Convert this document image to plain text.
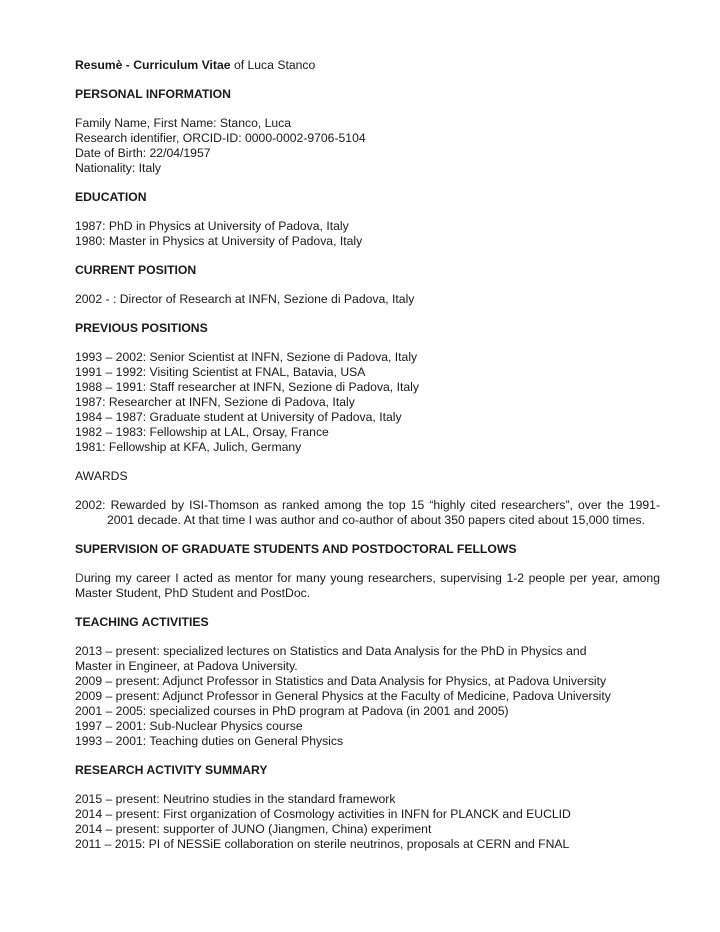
Resumè - Curriculum Vitae of Luca Stanco
PERSONAL INFORMATION
Family Name, First Name: Stanco, Luca
Research identifier, ORCID-ID: 0000-0002-9706-5104
Date of Birth: 22/04/1957
Nationality: Italy
EDUCATION
1987: PhD in Physics at University of Padova, Italy
1980: Master in Physics at University of Padova, Italy
CURRENT POSITION
2002 - : Director of Research at INFN, Sezione di Padova, Italy
PREVIOUS POSITIONS
1993 – 2002: Senior Scientist at INFN, Sezione di Padova, Italy
1991 – 1992: Visiting Scientist at FNAL, Batavia, USA
1988 – 1991: Staff researcher at INFN, Sezione di Padova, Italy
1987: Researcher at INFN, Sezione di Padova, Italy
1984 – 1987: Graduate student at University of Padova, Italy
1982 – 1983: Fellowship at LAL, Orsay, France
1981: Fellowship at KFA, Julich, Germany
AWARDS
2002: Rewarded by ISI-Thomson as ranked among the top 15 “highly cited researchers”, over the 1991-2001 decade. At that time I was author and co-author of about 350 papers cited about 15,000 times.
SUPERVISION OF GRADUATE STUDENTS AND POSTDOCTORAL FELLOWS
During my career I acted as mentor for many young researchers, supervising 1-2 people per year, among Master Student, PhD Student and PostDoc.
TEACHING ACTIVITIES
2013 – present: specialized lectures on Statistics and Data Analysis for the PhD in Physics and
Master in Engineer, at Padova University.
2009 – present: Adjunct Professor in Statistics and Data Analysis for Physics, at Padova University
2009 – present: Adjunct Professor in General Physics at the Faculty of Medicine, Padova University
2001 – 2005: specialized courses in PhD program at Padova (in 2001 and 2005)
1997 – 2001: Sub-Nuclear Physics course
1993 – 2001: Teaching duties on General Physics
RESEARCH ACTIVITY SUMMARY
2015 – present: Neutrino studies in the standard framework
2014 – present: First organization of Cosmology activities in INFN for PLANCK and EUCLID
2014 – present: supporter of JUNO (Jiangmen, China) experiment
2011 – 2015: PI of NESSiE collaboration on sterile neutrinos, proposals at CERN and FNAL
